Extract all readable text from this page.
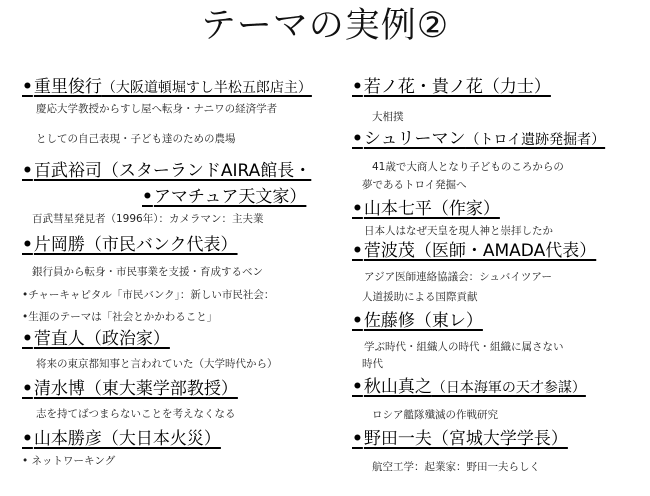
テーマの実例②
•重里俊行（大阪道頓堀すし半松五郎店主）
慶応大学教授からすし屋へ転身・ナニワの経済学者
としての自己表現・子ども達のための農場
•百武裕司（スターランドAIRA館長・
•アマチュア天文家）
百武彗星発見者（1996年）：カメラマン：主夫業
•片岡勝（市民バンク代表）
銀行員から転身・市民事業を支援・育成するベン
•チャーキャピタル「市民バンク」：新しい市民社会：
•生涯のテーマは「社会とかかわること」
•菅直人（政治家）
将来の東京都知事と言われていた（大学時代から）
•清水博（東大薬学部教授）
志を持てばつまらないことを考えなくなる
•山本勝彦（大日本火災）
• ネットワーキング
•若ノ花・貴ノ花（力士）
大相撲
•シュリーマン（トロイ遺跡発掘者）
41歳で大商人となり子どものころからの
夢であるトロイ発掘へ
•山本七平（作家）
日本人はなぜ天皇を現人神と崇拝したか
•菅波茂（医師・AMADA代表）
アジア医師連絡協議会：シュバイツアー
人道援助による国際貢献
•佐藤修（東レ）
学ぶ時代・組織人の時代・組織に属さない
時代
•秋山真之（日本海軍の天才参謀）
ロシア艦隊殲滅の作戦研究
•野田一夫（宮城大学学長）
航空工学：起業家：野田一夫らしく
